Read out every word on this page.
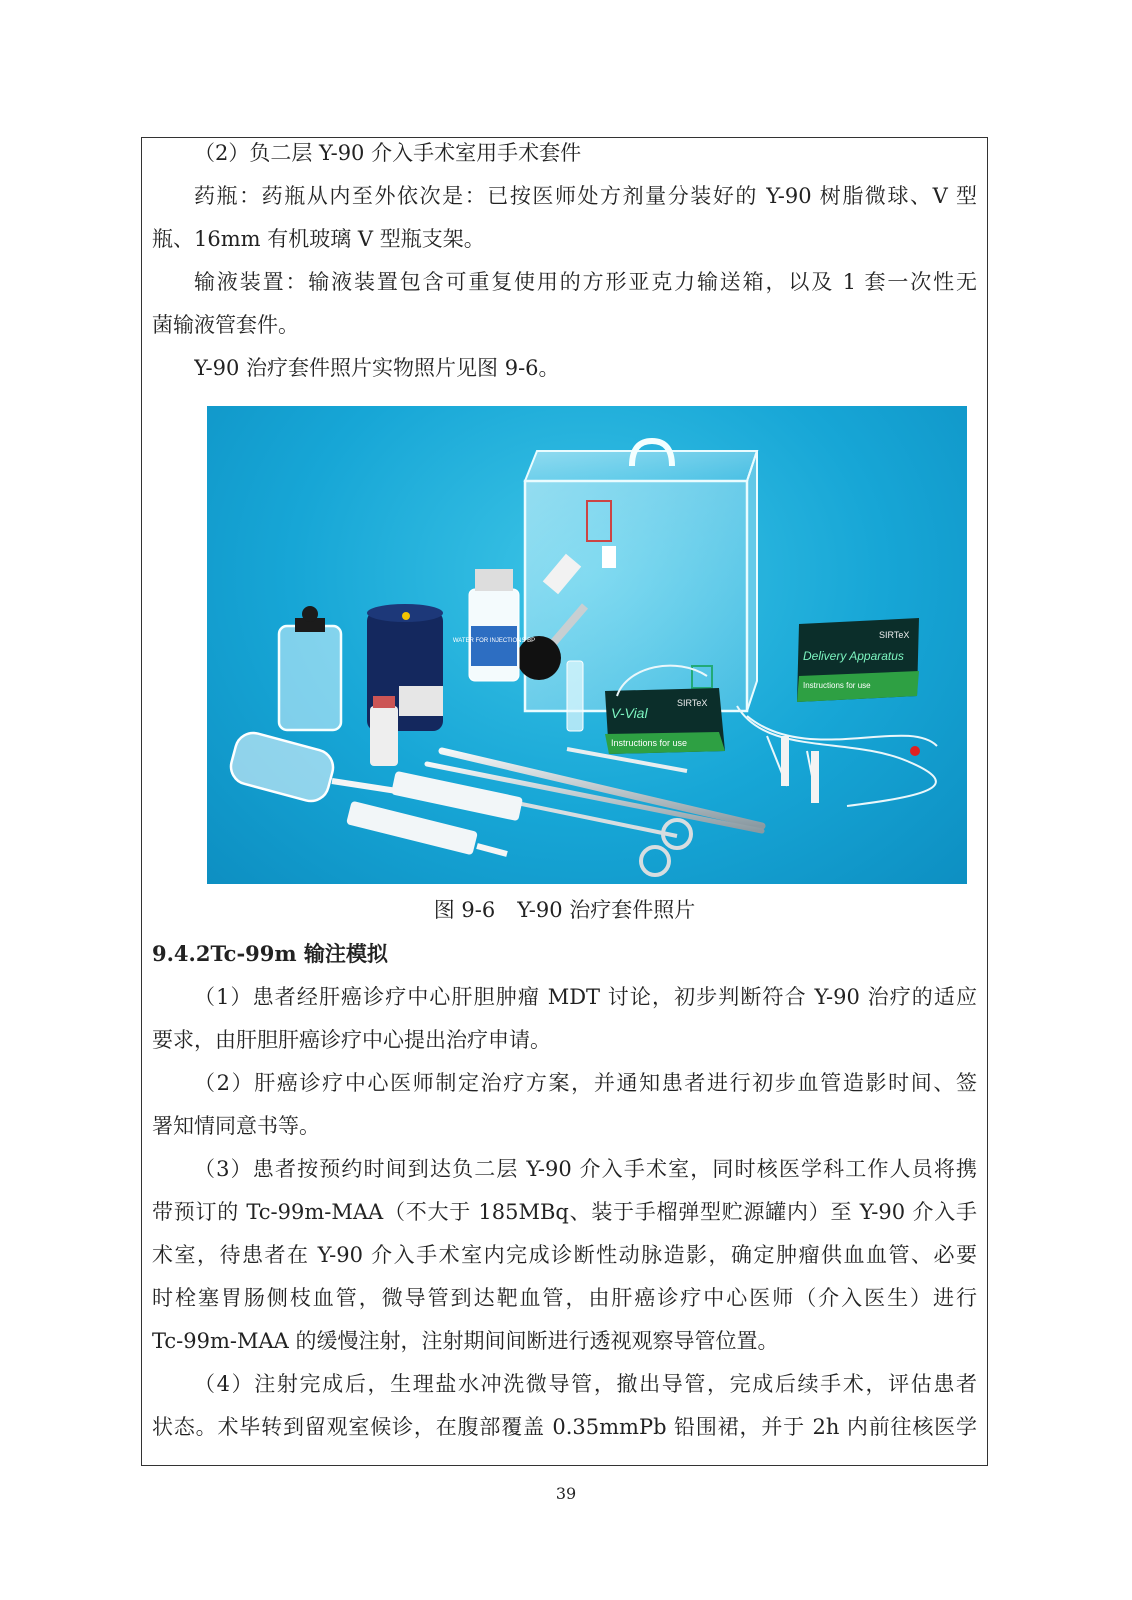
（2）负二层 Y-90 介入手术室用手术套件
药瓶：药瓶从内至外依次是：已按医师处方剂量分装好的 Y-90 树脂微球、V 型
瓶、16mm 有机玻璃 V 型瓶支架。
输液装置：输液装置包含可重复使用的方形亚克力输送箱，以及 1 套一次性无
菌输液管套件。
Y-90 治疗套件照片实物照片见图 9-6。
WATER FOR INJECTIONS BP
SIRTeX
V-Vial
Instructions for use
SIRTeX
Delivery Apparatus
Instructions for use
图 9-6 Y-90 治疗套件照片
9.4.2Tc-99m 输注模拟
（1）患者经肝癌诊疗中心肝胆肿瘤 MDT 讨论，初步判断符合 Y-90 治疗的适应
要求，由肝胆肝癌诊疗中心提出治疗申请。
（2）肝癌诊疗中心医师制定治疗方案，并通知患者进行初步血管造影时间、签
署知情同意书等。
（3）患者按预约时间到达负二层 Y-90 介入手术室，同时核医学科工作人员将携
带预订的 Tc-99m-MAA（不大于 185MBq、装于手榴弹型贮源罐内）至 Y-90 介入手
术室，待患者在 Y-90 介入手术室内完成诊断性动脉造影，确定肿瘤供血血管、必要
时栓塞胃肠侧枝血管，微导管到达靶血管，由肝癌诊疗中心医师（介入医生）进行
Tc-99m-MAA 的缓慢注射，注射期间间断进行透视观察导管位置。
（4）注射完成后，生理盐水冲洗微导管，撤出导管，完成后续手术，评估患者
状态。术毕转到留观室候诊，在腹部覆盖 0.35mmPb 铅围裙，并于 2h 内前往核医学
39
